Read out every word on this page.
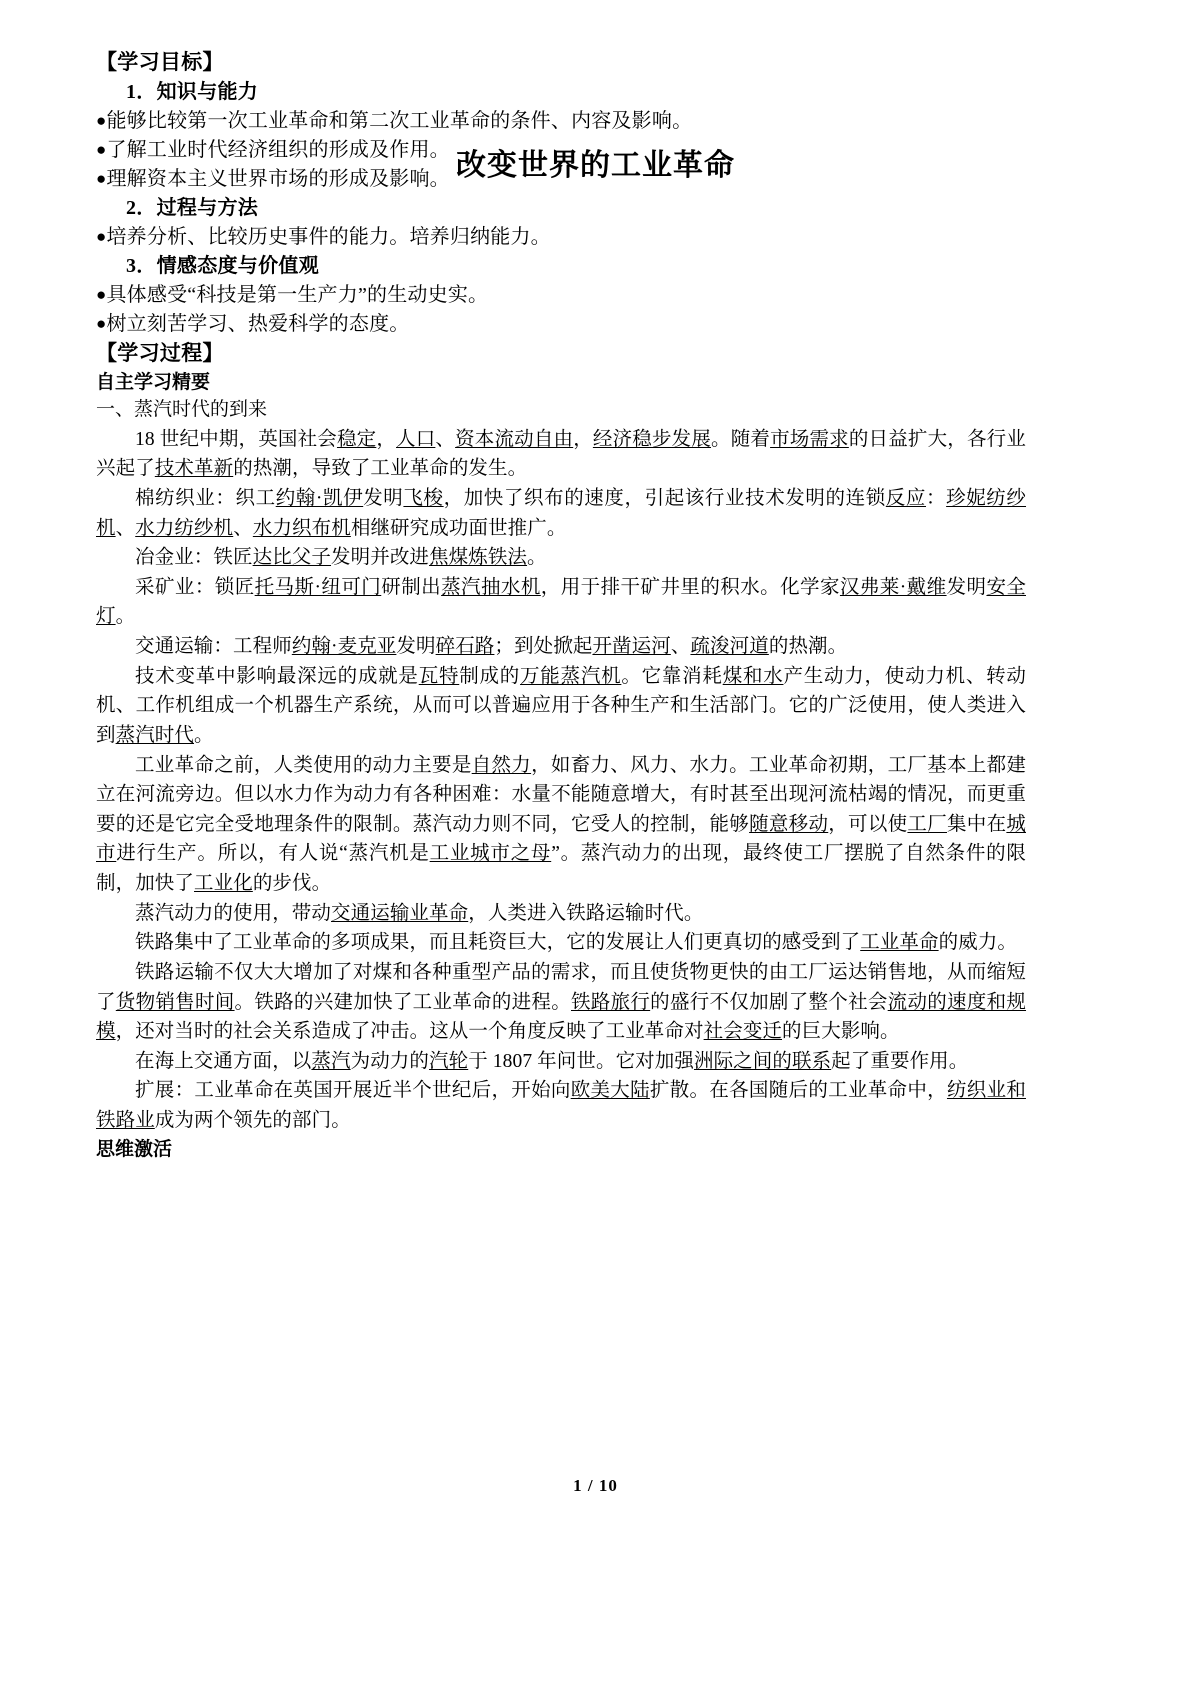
改变世界的工业革命
【学习目标】
1．知识与能力
●能够比较第一次工业革命和第二次工业革命的条件、内容及影响。
●了解工业时代经济组织的形成及作用。
●理解资本主义世界市场的形成及影响。
2．过程与方法
●培养分析、比较历史事件的能力。培养归纳能力。
3．情感态度与价值观
●具体感受“科技是第一生产力”的生动史实。
●树立刻苦学习、热爱科学的态度。
【学习过程】
自主学习精要
一、蒸汽时代的到来

18 世纪中期，英国社会稳定，人口、资本流动自由，经济稳步发展。随着市场需求的日益扩大，各行业兴起了技术革新的热潮，导致了工业革命的发生。

棉纺织业：织工约翰·凯伊发明飞梭，加快了织布的速度，引起该行业技术发明的连锁反应：珍妮纺纱机、水力纺纱机、水力织布机相继研究成功面世推广。

冶金业：铁匠达比父子发明并改进焦煤炼铁法。

采矿业：锁匠托马斯·纽可门研制出蒸汽抽水机，用于排干矿井里的积水。化学家汉弗莱·戴维发明安全灯。

交通运输：工程师约翰·麦克亚发明碎石路；到处掀起开凿运河、疏浚河道的热潮。

技术变革中影响最深远的成就是瓦特制成的万能蒸汽机。它靠消耗煤和水产生动力，使动力机、转动机、工作机组成一个机器生产系统，从而可以普遍应用于各种生产和生活部门。它的广泛使用，使人类进入到蒸汽时代。

工业革命之前，人类使用的动力主要是自然力，如畜力、风力、水力。工业革命初期，工厂基本上都建立在河流旁边。但以水力作为动力有各种困难：水量不能随意增大，有时甚至出现河流枯竭的情况，而更重要的还是它完全受地理条件的限制。蒸汽动力则不同，它受人的控制，能够随意移动，可以使工厂集中在城市进行生产。所以，有人说“蒸汽机是工业城市之母”。蒸汽动力的出现，最终使工厂摆脱了自然条件的限制，加快了工业化的步伐。

蒸汽动力的使用，带动交通运输业革命，人类进入铁路运输时代。

铁路集中了工业革命的多项成果，而且耗资巨大，它的发展让人们更真切的感受到了工业革命的威力。

铁路运输不仅大大增加了对煤和各种重型产品的需求，而且使货物更快的由工厂运达销售地，从而缩短了货物销售时间。铁路的兴建加快了工业革命的进程。铁路旅行的盛行不仅加剧了整个社会流动的速度和规模，还对当时的社会关系造成了冲击。这从一个角度反映了工业革命对社会变迁的巨大影响。

在海上交通方面，以蒸汽为动力的汽轮于 1807 年问世。它对加强洲际之间的联系起了重要作用。

扩展：工业革命在英国开展近半个世纪后，开始向欧美大陆扩散。在各国随后的工业革命中，纺织业和铁路业成为两个领先的部门。

思维激活
1 / 10
